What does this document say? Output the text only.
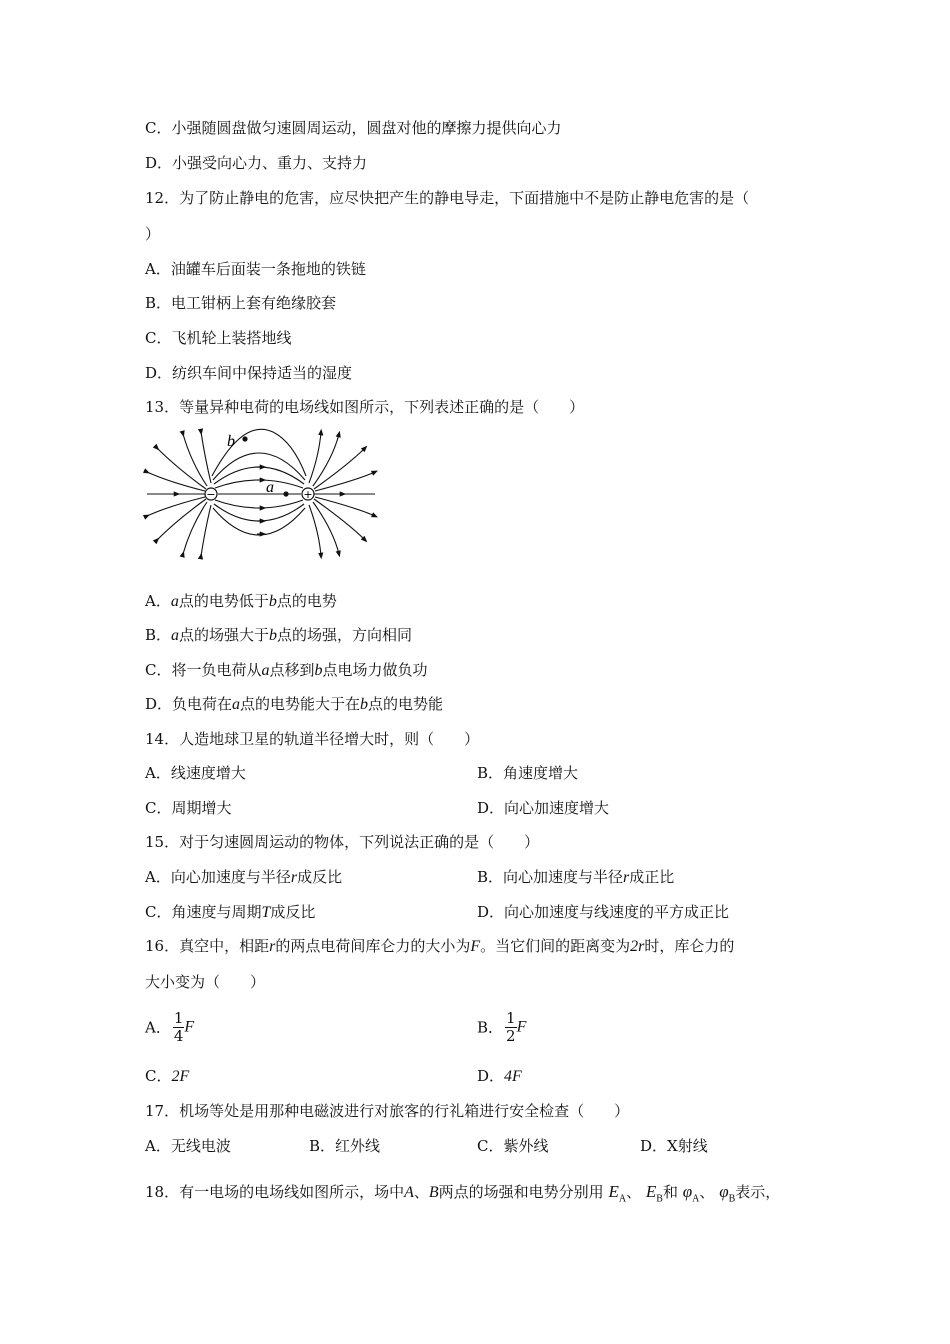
C．小强随圆盘做匀速圆周运动，圆盘对他的摩擦力提供向心力
D．小强受向心力、重力、支持力
12．为了防止静电的危害，应尽快把产生的静电导走，下面措施中不是防止静电危害的是（
）
A．油罐车后面装一条拖地的铁链
B．电工钳柄上套有绝缘胶套
C．飞机轮上装搭地线
D．纺织车间中保持适当的湿度
13．等量异种电荷的电场线如图所示，下列表述正确的是（　　）
−	+
a
b
A．a点的电势低于b点的电势
B．a点的场强大于b点的场强，方向相同
C．将一负电荷从a点移到b点电场力做负功
D．负电荷在a点的电势能大于在b点的电势能
14．人造地球卫星的轨道半径增大时，则（　　）
A．线速度增大	B．角速度增大
C．周期增大	D．向心加速度增大
15．对于匀速圆周运动的物体，下列说法正确的是（　　）
A．向心加速度与半径r成反比	B．向心加速度与半径r成正比
C．角速度与周期T成反比	D．向心加速度与线速度的平方成正比
16．真空中，相距r的两点电荷间库仑力的大小为F。当它们间的距离变为2r时，库仑力的
大小变为（　　）
A． $\frac{1}{4}$ F	B． $\frac{1}{2}$ F
C．2F	D．4F
17．机场等处是用那种电磁波进行对旅客的行礼箱进行安全检查（　　）
A．无线电波	B．红外线	C．紫外线	D．X射线
18．有一电场的电场线如图所示，场中A、B两点的场强和电势分别用 $E_A$、 $E_B$和 $\varphi_A$、 $\varphi_B$表示，
